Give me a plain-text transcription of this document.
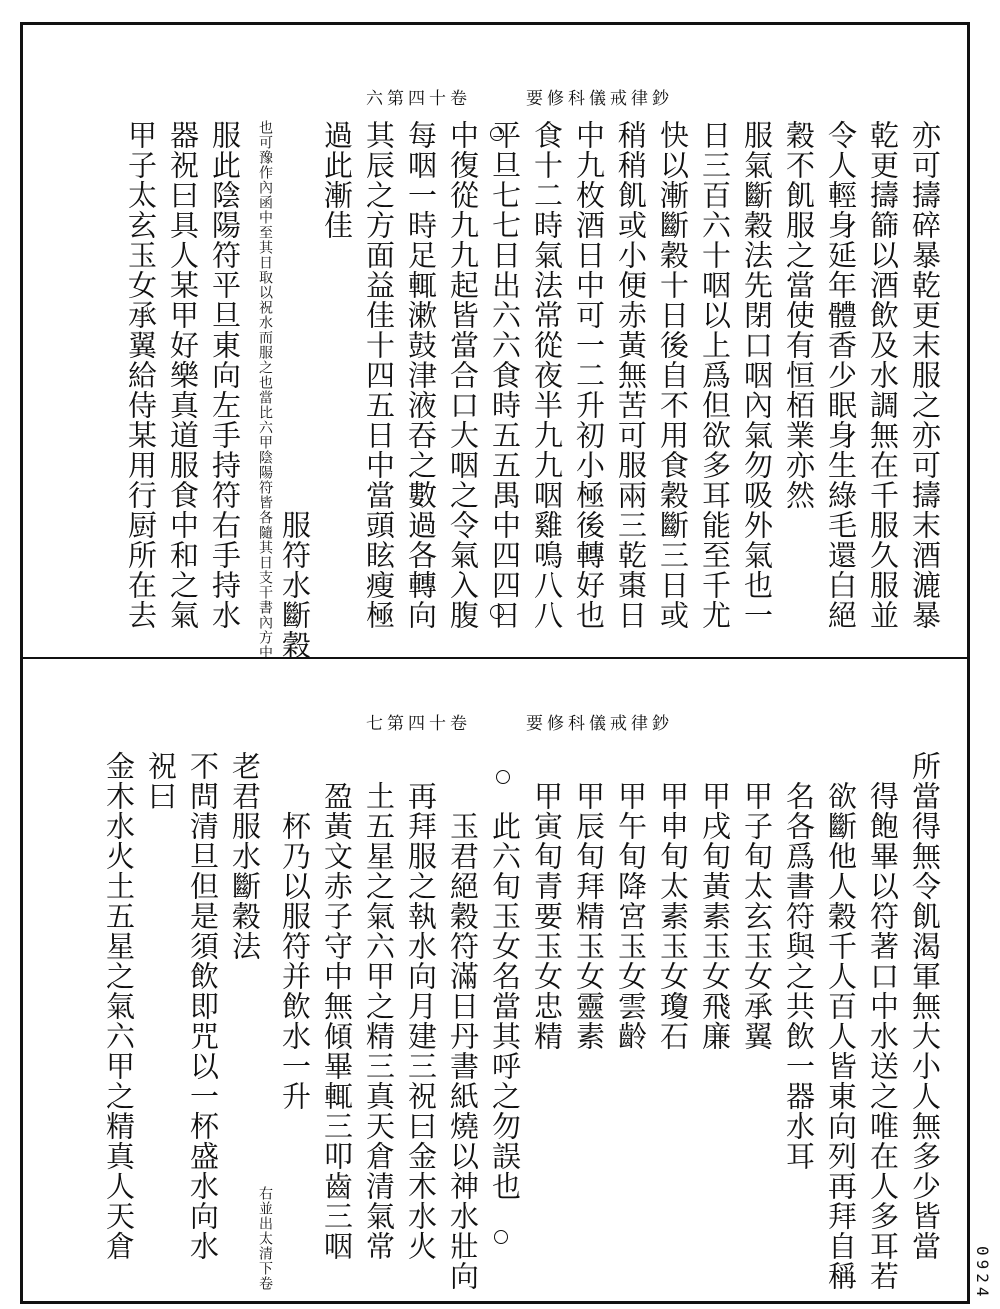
六第四十卷	要修科儀戒律鈔
亦可擣碎暴乾更末服之亦可擣末酒漉暴
乾更擣篩以酒飲及水調無在千服久服並
令人輕身延年體香少眠身生綠毛還白絕
穀不飢服之當使有恒栢業亦然
服氣斷穀法先閉口咽內氣勿吸外氣也一
日三百六十咽以上爲但欲多耳能至千尤
快以漸斷穀十日後自不用食穀斷三日或
稍稍飢或小便赤黃無苦可服兩三乾棗日
中九枚酒日中可一二升初小極後轉好也
食十二時氣法常從夜半九九咽雞鳴八八
平旦七七日出六六食時五五禺中四四日
中復從九九起皆當合口大咽之令氣入腹
每咽一時足輒漱鼓津液吞之數過各轉向
其辰之方面益佳十四五日中當頭眩瘦極
過此漸佳
服符水斷穀
當比六甲陰陽符皆各隨其日支干書內方中
也可豫作內函中至其日取以祝水而服之也
服此陰陽符平旦東向左手持符右手持水
器祝曰具人某甲好樂真道服食中和之氣
甲子太玄玉女承翼給侍某用行厨所在去
七第四十卷	要修科儀戒律鈔
所當得無令飢渴軍無大小人無多少皆當
得飽畢以符著口中水送之唯在人多耳若
欲斷他人穀千人百人皆東向列再拜自稱
名各爲書符與之共飲一器水耳
甲子旬太玄玉女承翼
甲戌旬黃素玉女飛廉
甲申旬太素玉女瓊石
甲午旬降宮玉女雲齡
甲辰旬拜精玉女靈素
甲寅旬青要玉女忠精
此六旬玉女名當其呼之勿誤也
玉君絕穀符滿日丹書紙燒以神水壯向
再拜服之執水向月建三祝曰金木水火
土五星之氣六甲之精三真天倉清氣常
盈黃文赤子守中無傾畢輒三叩齒三咽
杯乃以服符并飲水一升
右並出太清下卷
老君服水斷穀法
不問清旦但是須飲即咒以一杯盛水向水
祝曰
金木水火土五星之氣六甲之精真人天倉
0924
